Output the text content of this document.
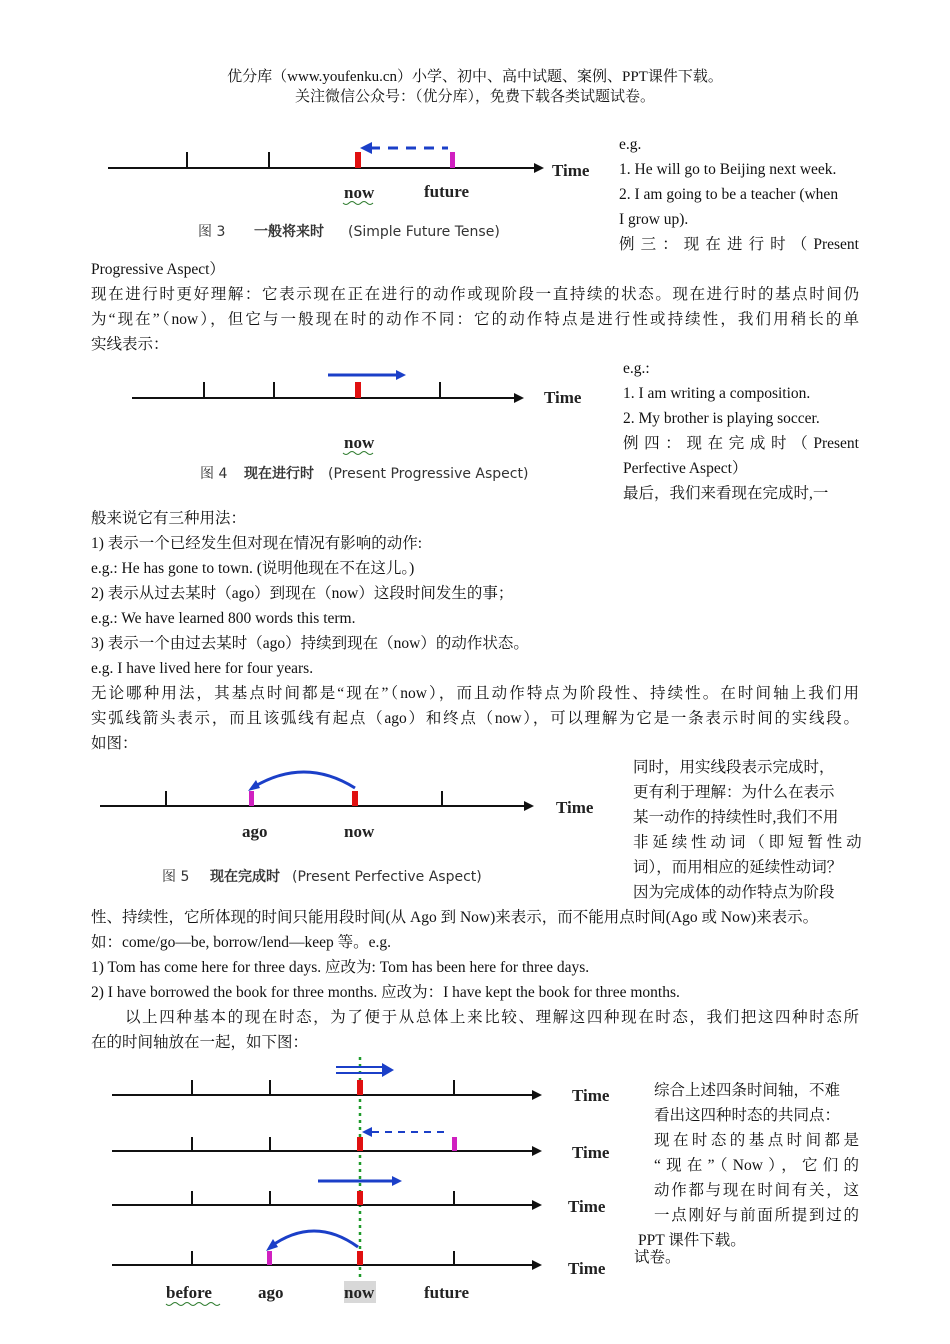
优分库（www.youfenku.cn）小学、初中、高中试题、案例、PPT课件下载。
关注微信公众号：（优分库），免费下载各类试题试卷。
Time
now	future
图 3 一般将来时 (Simple Future Tense)
e.g.
1. He will go to Beijing next week.
2. I am going to be a teacher (when
I grow up).
例 三 ： 现 在 进 行 时 （ Present
Progressive Aspect）
现在进行时更好理解：它表示现在正在进行的动作或现阶段一直持续的状态。现在进行时的基点时间仍
为“现在”（now），但它与一般现在时的动作不同：它的动作特点是进行性或持续性，我们用稍长的单
实线表示：
Time
now
图 4 现在进行时 (Present Progressive Aspect)
e.g.:
1. I am writing a composition.
2. My brother is playing soccer.
例 四 ： 现 在 完 成 时 （ Present
Perfective Aspect）
最后，我们来看现在完成时,一
般来说它有三种用法：
1) 表示一个已经发生但对现在情况有影响的动作:
e.g.: He has gone to town. (说明他现在不在这儿。)
2) 表示从过去某时（ago）到现在（now）这段时间发生的事；
e.g.: We have learned 800 words this term.
3) 表示一个由过去某时（ago）持续到现在（now）的动作状态。
e.g. I have lived here for four years.
无论哪种用法，其基点时间都是“现在”（now），而且动作特点为阶段性、持续性。在时间轴上我们用
实弧线箭头表示，而且该弧线有起点（ago）和终点（now），可以理解为它是一条表示时间的实线段。
如图：
Time
ago	now
图 5 现在完成时 (Present Perfective Aspect)
同时，用实线段表示完成时，
更有利于理解：为什么在表示
某一动作的持续性时,我们不用
非 延 续 性 动 词 （ 即 短 暂 性 动
词），而用相应的延续性动词？
因为完成体的动作特点为阶段
性、持续性，它所体现的时间只能用段时间(从 Ago 到 Now)来表示，而不能用点时间(Ago 或 Now)来表示。
如：come/go—be, borrow/lend—keep 等。e.g.
1) Tom has come here for three days. 应改为: Tom has been here for three days.
2) I have borrowed the book for three months. 应改为：I have kept the book for three months.
以上四种基本的现在时态，为了便于从总体上来比较、理解这四种现在时态，我们把这四种时态所
在的时间轴放在一起，如下图：
Time
Time
Time
Time
before	ago	now	future
综合上述四条时间轴，不难
看出这四种时态的共同点：
现在时态的基点时间都是
“现在”（Now），它们的
动作都与现在时间有关，这
一点刚好与前面所提到过的
PPT 课件下载。
试卷。
